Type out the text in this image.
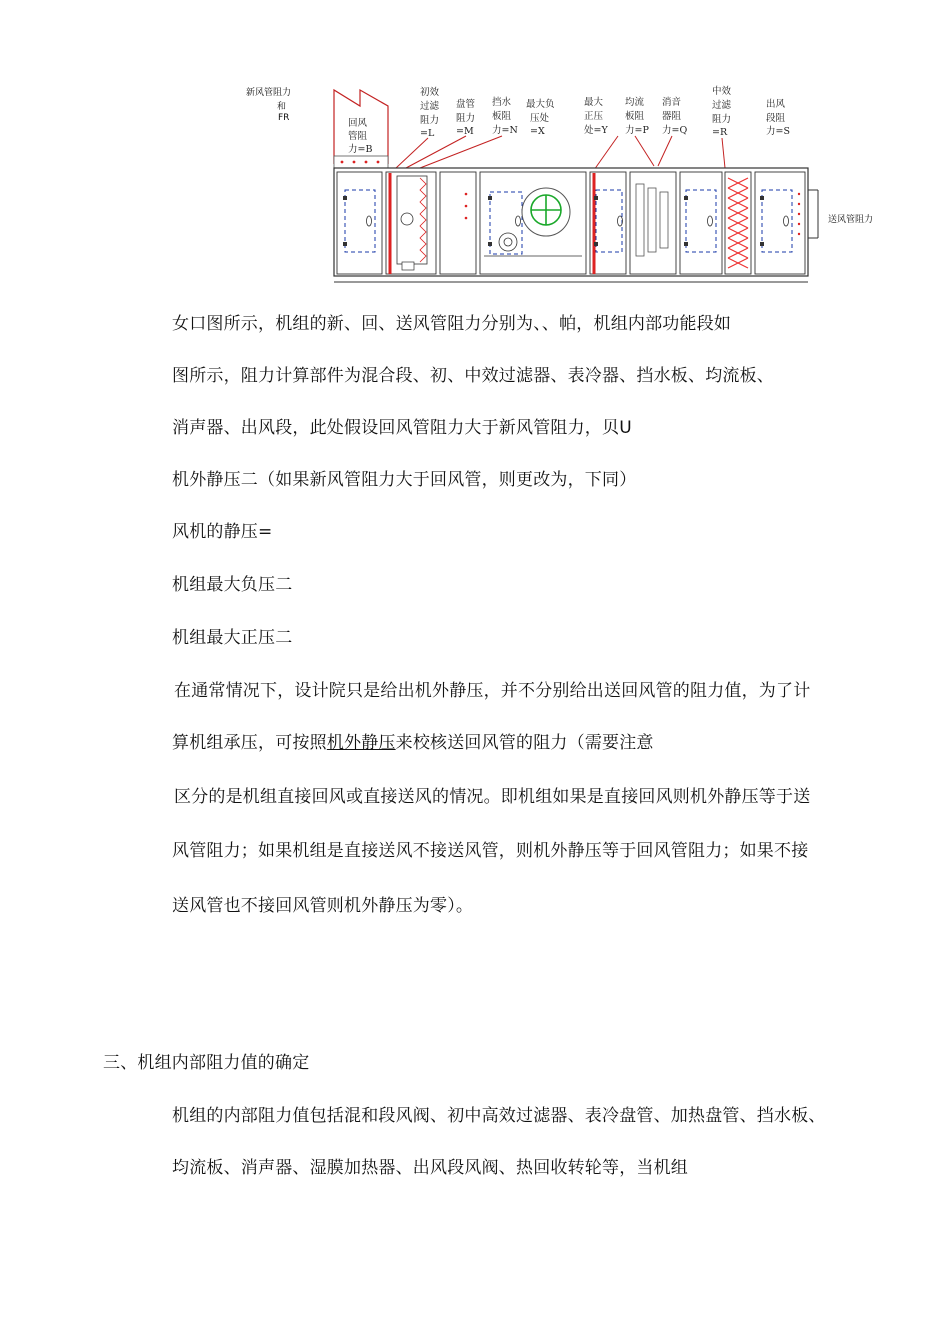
新风管阻力
和
FR	回风
管阻
力=B
初效
过滤
阻力
=L
盘管
阻力
=M
挡水
板阻
力=N
最大负
压处
=X
最大
正压
处=Y
均流
板阻
力=P
消音
器阻
力=Q
中效
过滤
阻力
=R
出风
段阻
力=S
送风管阻力
女口图所示，机组的新、回、送风管阻力分别为、、帕，机组内部功能段如
图所示，阻力计算部件为混合段、初、中效过滤器、表冷器、挡水板、均流板、
消声器、出风段，此处假设回风管阻力大于新风管阻力，贝U
机外静压二（如果新风管阻力大于回风管，则更改为，下同）
风机的静压=
机组最大负压二
机组最大正压二
在通常情况下，设计院只是给出机外静压，并不分别给出送回风管的阻力值，为了计
算机组承压，可按照机外静压来校核送回风管的阻力（需要注意
区分的是机组直接回风或直接送风的情况。即机组如果是直接回风则机外静压等于送
风管阻力；如果机组是直接送风不接送风管，则机外静压等于回风管阻力；如果不接
送风管也不接回风管则机外静压为零）。
三、机组内部阻力值的确定
机组的内部阻力值包括混和段风阀、初中高效过滤器、表冷盘管、加热盘管、挡水板、
均流板、消声器、湿膜加热器、出风段风阀、热回收转轮等，当机组
